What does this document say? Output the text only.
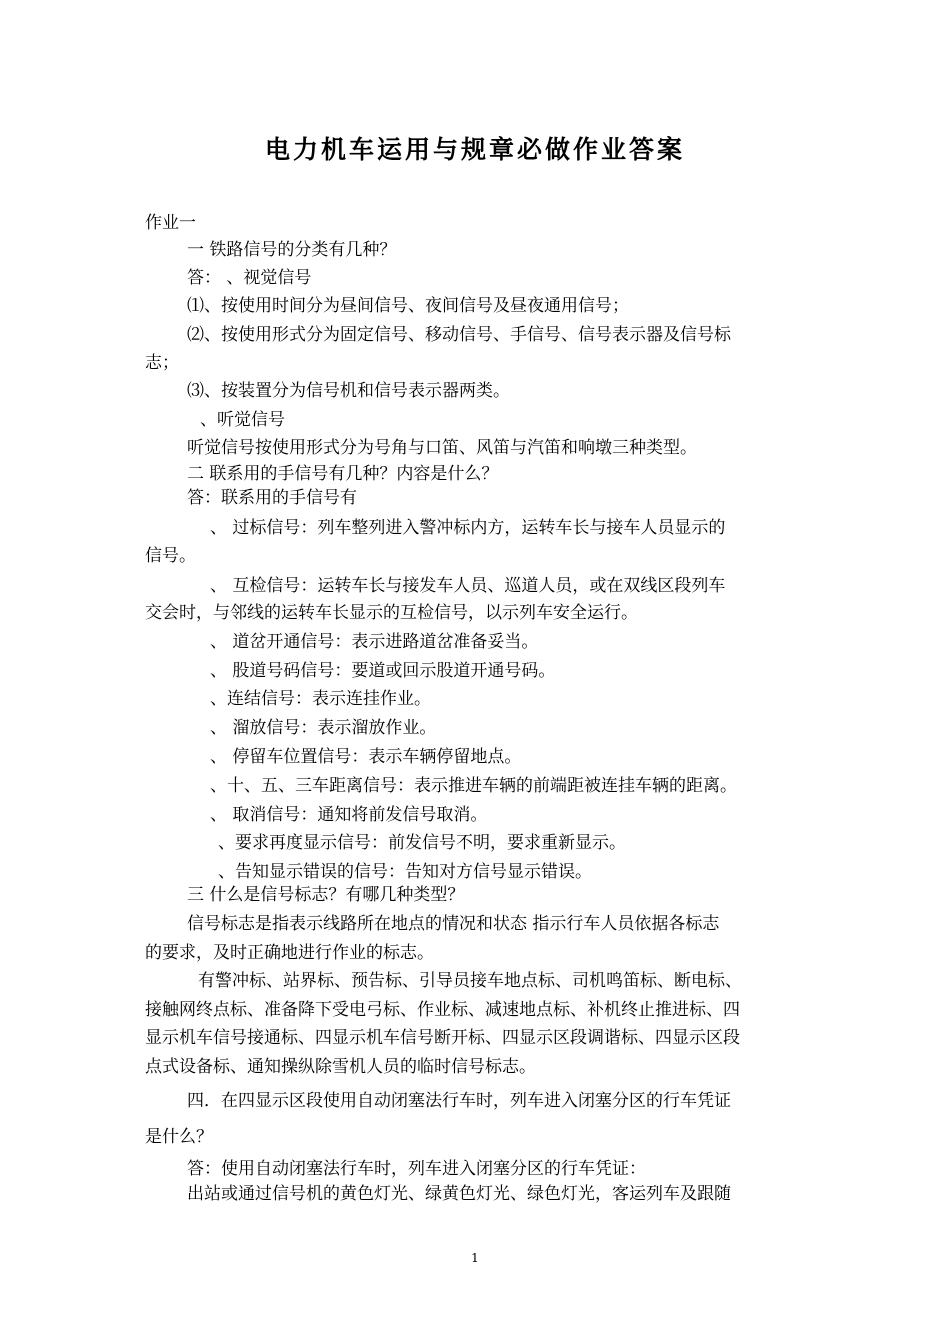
电力机车运用与规章必做作业答案
作业一
一 铁路信号的分类有几种？
答： 、视觉信号
⑴、按使用时间分为昼间信号、夜间信号及昼夜通用信号；
⑵、按使用形式分为固定信号、移动信号、手信号、信号表示器及信号标
志；
⑶、按装置分为信号机和信号表示器两类。
、听觉信号
听觉信号按使用形式分为号角与口笛、风笛与汽笛和响墩三种类型。
二 联系用的手信号有几种？内容是什么？
答：联系用的手信号有
、 过标信号：列车整列进入警冲标内方，运转车长与接车人员显示的
信号。
、 互检信号：运转车长与接发车人员、巡道人员，或在双线区段列车
交会时，与邻线的运转车长显示的互检信号，以示列车安全运行。
、 道岔开通信号：表示进路道岔准备妥当。
、 股道号码信号：要道或回示股道开通号码。
、连结信号：表示连挂作业。
、 溜放信号：表示溜放作业。
、 停留车位置信号：表示车辆停留地点。
、十、五、三车距离信号：表示推进车辆的前端距被连挂车辆的距离。
、 取消信号：通知将前发信号取消。
、要求再度显示信号：前发信号不明，要求重新显示。
、告知显示错误的信号：告知对方信号显示错误。
三 什么是信号标志？有哪几种类型？
信号标志是指表示线路所在地点的情况和状态 指示行车人员依据各标志
的要求，及时正确地进行作业的标志。
有警冲标、站界标、预告标、引导员接车地点标、司机鸣笛标、断电标、
接触网终点标、准备降下受电弓标、作业标、减速地点标、补机终止推进标、四
显示机车信号接通标、四显示机车信号断开标、四显示区段调谐标、四显示区段
点式设备标、通知操纵除雪机人员的临时信号标志。
四．在四显示区段使用自动闭塞法行车时，列车进入闭塞分区的行车凭证
是什么？
答：使用自动闭塞法行车时，列车进入闭塞分区的行车凭证：
出站或通过信号机的黄色灯光、绿黄色灯光、绿色灯光，客运列车及跟随
1
